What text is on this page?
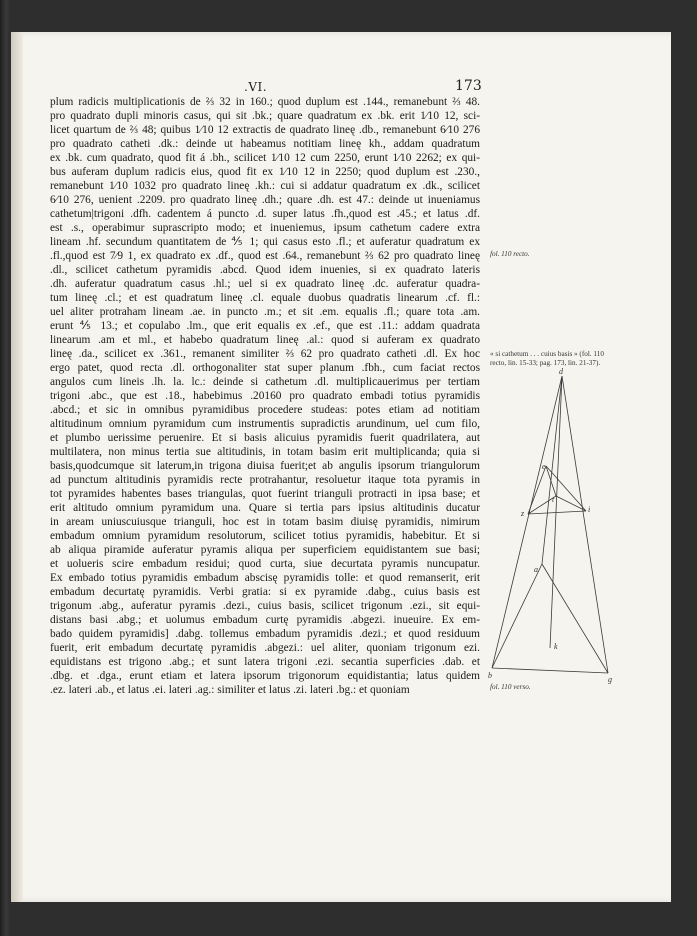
.VI.	173
plum radicis multiplicationis de ⅔ 32 in 160.; quod duplum est .144., remanebunt ⅔ 48.
pro quadrato dupli minoris casus, qui sit .bk.; quare quadratum ex .bk. erit 1⁄10 12, sci-
licet quartum de ⅔ 48; quibus 1⁄10 12 extractis de quadrato lineę .db., remanebunt 6⁄10 276
pro quadrato catheti .dk.: deinde ut habeamus notitiam lineę kh., addam quadratum
ex .bk. cum quadrato, quod fit á .bh., scilicet 1⁄10 12 cum 2250, erunt 1⁄10 2262; ex qui-
bus auferam duplum radicis eius, quod fit ex 1⁄10 12 in 2250; quod duplum est .230.,
remanebunt 1⁄10 1032 pro quadrato lineę .kh.: cui si addatur quadratum ex .dk., scilicet
6⁄10 276, uenient .2209. pro quadrato lineę .dh.; quare .dh. est 47.: deinde ut inueniamus
cathetum|trigoni .dfh. cadentem á puncto .d. super latus .fh.,quod est .45.; et latus .df.
est .s., operabimur suprascripto modo; et inueniemus, ipsum cathetum cadere extra
lineam .hf. secundum quantitatem de ⅘ 1; qui casus esto .fl.; et auferatur quadratum ex
.fl.,quod est 7⁄9 1, ex quadrato ex .df., quod est .64., remanebunt ⅔ 62 pro quadrato lineę
.dl., scilicet cathetum pyramidis .abcd. Quod idem inuenies, si ex quadrato lateris
.dh. auferatur quadratum casus .hl.; uel si ex quadrato lineę .dc. auferatur quadra-
tum lineę .cl.; et est quadratum lineę .cl. equale duobus quadratis linearum .cf. fl.:
uel aliter protraham lineam .ae. in puncto .m.; et sit .em. equalis .fl.; quare tota .am.
erunt ⅘ 13.; et copulabo .lm., que erit equalis ex .ef., que est .11.: addam quadrata
linearum .am et ml., et habebo quadratum lineę .al.: quod si auferam ex quadrato
lineę .da., scilicet ex .361., remanent similiter ⅔ 62 pro quadrato catheti .dl. Ex hoc
ergo patet, quod recta .dl. orthogonaliter stat super planum .fbh., cum faciat rectos
angulos cum lineis .lh. la. lc.: deinde si cathetum .dl. multiplicauerimus per tertiam
trigoni .abc., que est .18., habebimus .20160 pro quadrato embadi totius pyramidis
.abcd.; et sic in omnibus pyramidibus procedere studeas: potes etiam ad notitiam
altitudinum omnium pyramidum cum instrumentis supradictis arundinum, uel cum filo,
et plumbo uerissime peruenire. Et si basis alicuius pyramidis fuerit quadrilatera, aut
multilatera, non minus tertia sue altitudinis, in totam basim erit multiplicanda; quia si
basis,quodcumque sit laterum,in trigona diuisa fuerit;et ab angulis ipsorum triangulorum
ad punctum altitudinis pyramidis recte protrahantur, resoluetur itaque tota pyramis in
tot pyramides habentes bases triangulas, quot fuerint trianguli protracti in ipsa base; et
erit altitudo omnium pyramidum una. Quare si tertia pars ipsius altitudinis ducatur
in aream uniuscuiusque trianguli, hoc est in totam basim diuisę pyramidis, nimirum
embadum omnium pyramidum resolutorum, scilicet totius pyramidis, habebitur. Et si
ab aliqua piramide auferatur pyramis aliqua per superficiem equidistantem sue basi;
et uolueris scire embadum residui; quod curta, siue decurtata pyramis nuncupatur.
Ex embado totius pyramidis embadum abscisę pyramidis tolle: et quod remanserit, erit
embadum decurtatę pyramidis. Verbi gratia: si ex pyramide .dabg., cuius basis est
trigonum .abg., auferatur pyramis .dezi., cuius basis, scilicet trigonum .ezi., sit equi-
distans basi .abg.; et uolumus embadum curtę pyramidis .abgezi. inueuire. Ex em-
bado quidem pyramidis] .dabg. tollemus embadum pyramidis .dezi.; et quod residuum
fuerit, erit embadum decurtatę pyramidis .abgezi.: uel aliter, quoniam trigonum ezi.
equidistans est trigono .abg.; et sunt latera trigoni .ezi. secantia superficies .dab. et
.dbg. et .dga., erunt etiam et latera ipsorum trigonorum equidistantia; latus quidem
.ez. lateri .ab., et latus .ei. lateri .ag.: similiter et latus .zi. lateri .bg.: et quoniam
fol. 110 recto.
« si cathetum . . . cuius basis » (fol. 110 recto, lin. 15-33; pag. 173, lin. 21-37).
fol. 110 verso.
d
e
t
z	i
a
k
b	g
